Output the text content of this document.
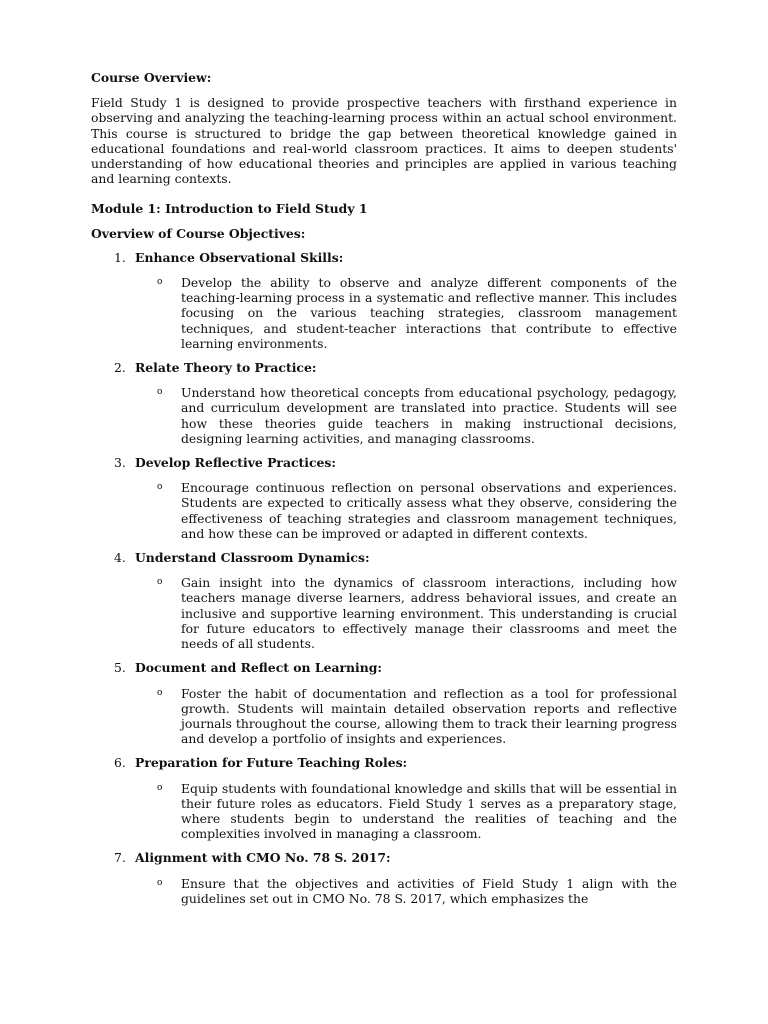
Course Overview:

Field Study 1 is designed to provide prospective teachers with firsthand experience in observing and analyzing the teaching-learning process within an actual school environment. This course is structured to bridge the gap between theoretical knowledge gained in educational foundations and real-world classroom practices. It aims to deepen students' understanding of how educational theories and principles are applied in various teaching and learning contexts.

Module 1: Introduction to Field Study 1

Overview of Course Objectives:

1. Enhance Observational Skills:
o	Develop the ability to observe and analyze different components of the teaching-learning process in a systematic and reflective manner. This includes focusing on the various teaching strategies, classroom management techniques, and student-teacher interactions that contribute to effective learning environments.
2. Relate Theory to Practice:
o	Understand how theoretical concepts from educational psychology, pedagogy, and curriculum development are translated into practice. Students will see how these theories guide teachers in making instructional decisions, designing learning activities, and managing classrooms.
3. Develop Reflective Practices:
o	Encourage continuous reflection on personal observations and experiences. Students are expected to critically assess what they observe, considering the effectiveness of teaching strategies and classroom management techniques, and how these can be improved or adapted in different contexts.
4. Understand Classroom Dynamics:
o	Gain insight into the dynamics of classroom interactions, including how teachers manage diverse learners, address behavioral issues, and create an inclusive and supportive learning environment. This understanding is crucial for future educators to effectively manage their classrooms and meet the needs of all students.
5. Document and Reflect on Learning:
o	Foster the habit of documentation and reflection as a tool for professional growth. Students will maintain detailed observation reports and reflective journals throughout the course, allowing them to track their learning progress and develop a portfolio of insights and experiences.
6. Preparation for Future Teaching Roles:
o	Equip students with foundational knowledge and skills that will be essential in their future roles as educators. Field Study 1 serves as a preparatory stage, where students begin to understand the realities of teaching and the complexities involved in managing a classroom.
7. Alignment with CMO No. 78 S. 2017:
o	Ensure that the objectives and activities of Field Study 1 align with the guidelines set out in CMO No. 78 S. 2017, which emphasizes the
